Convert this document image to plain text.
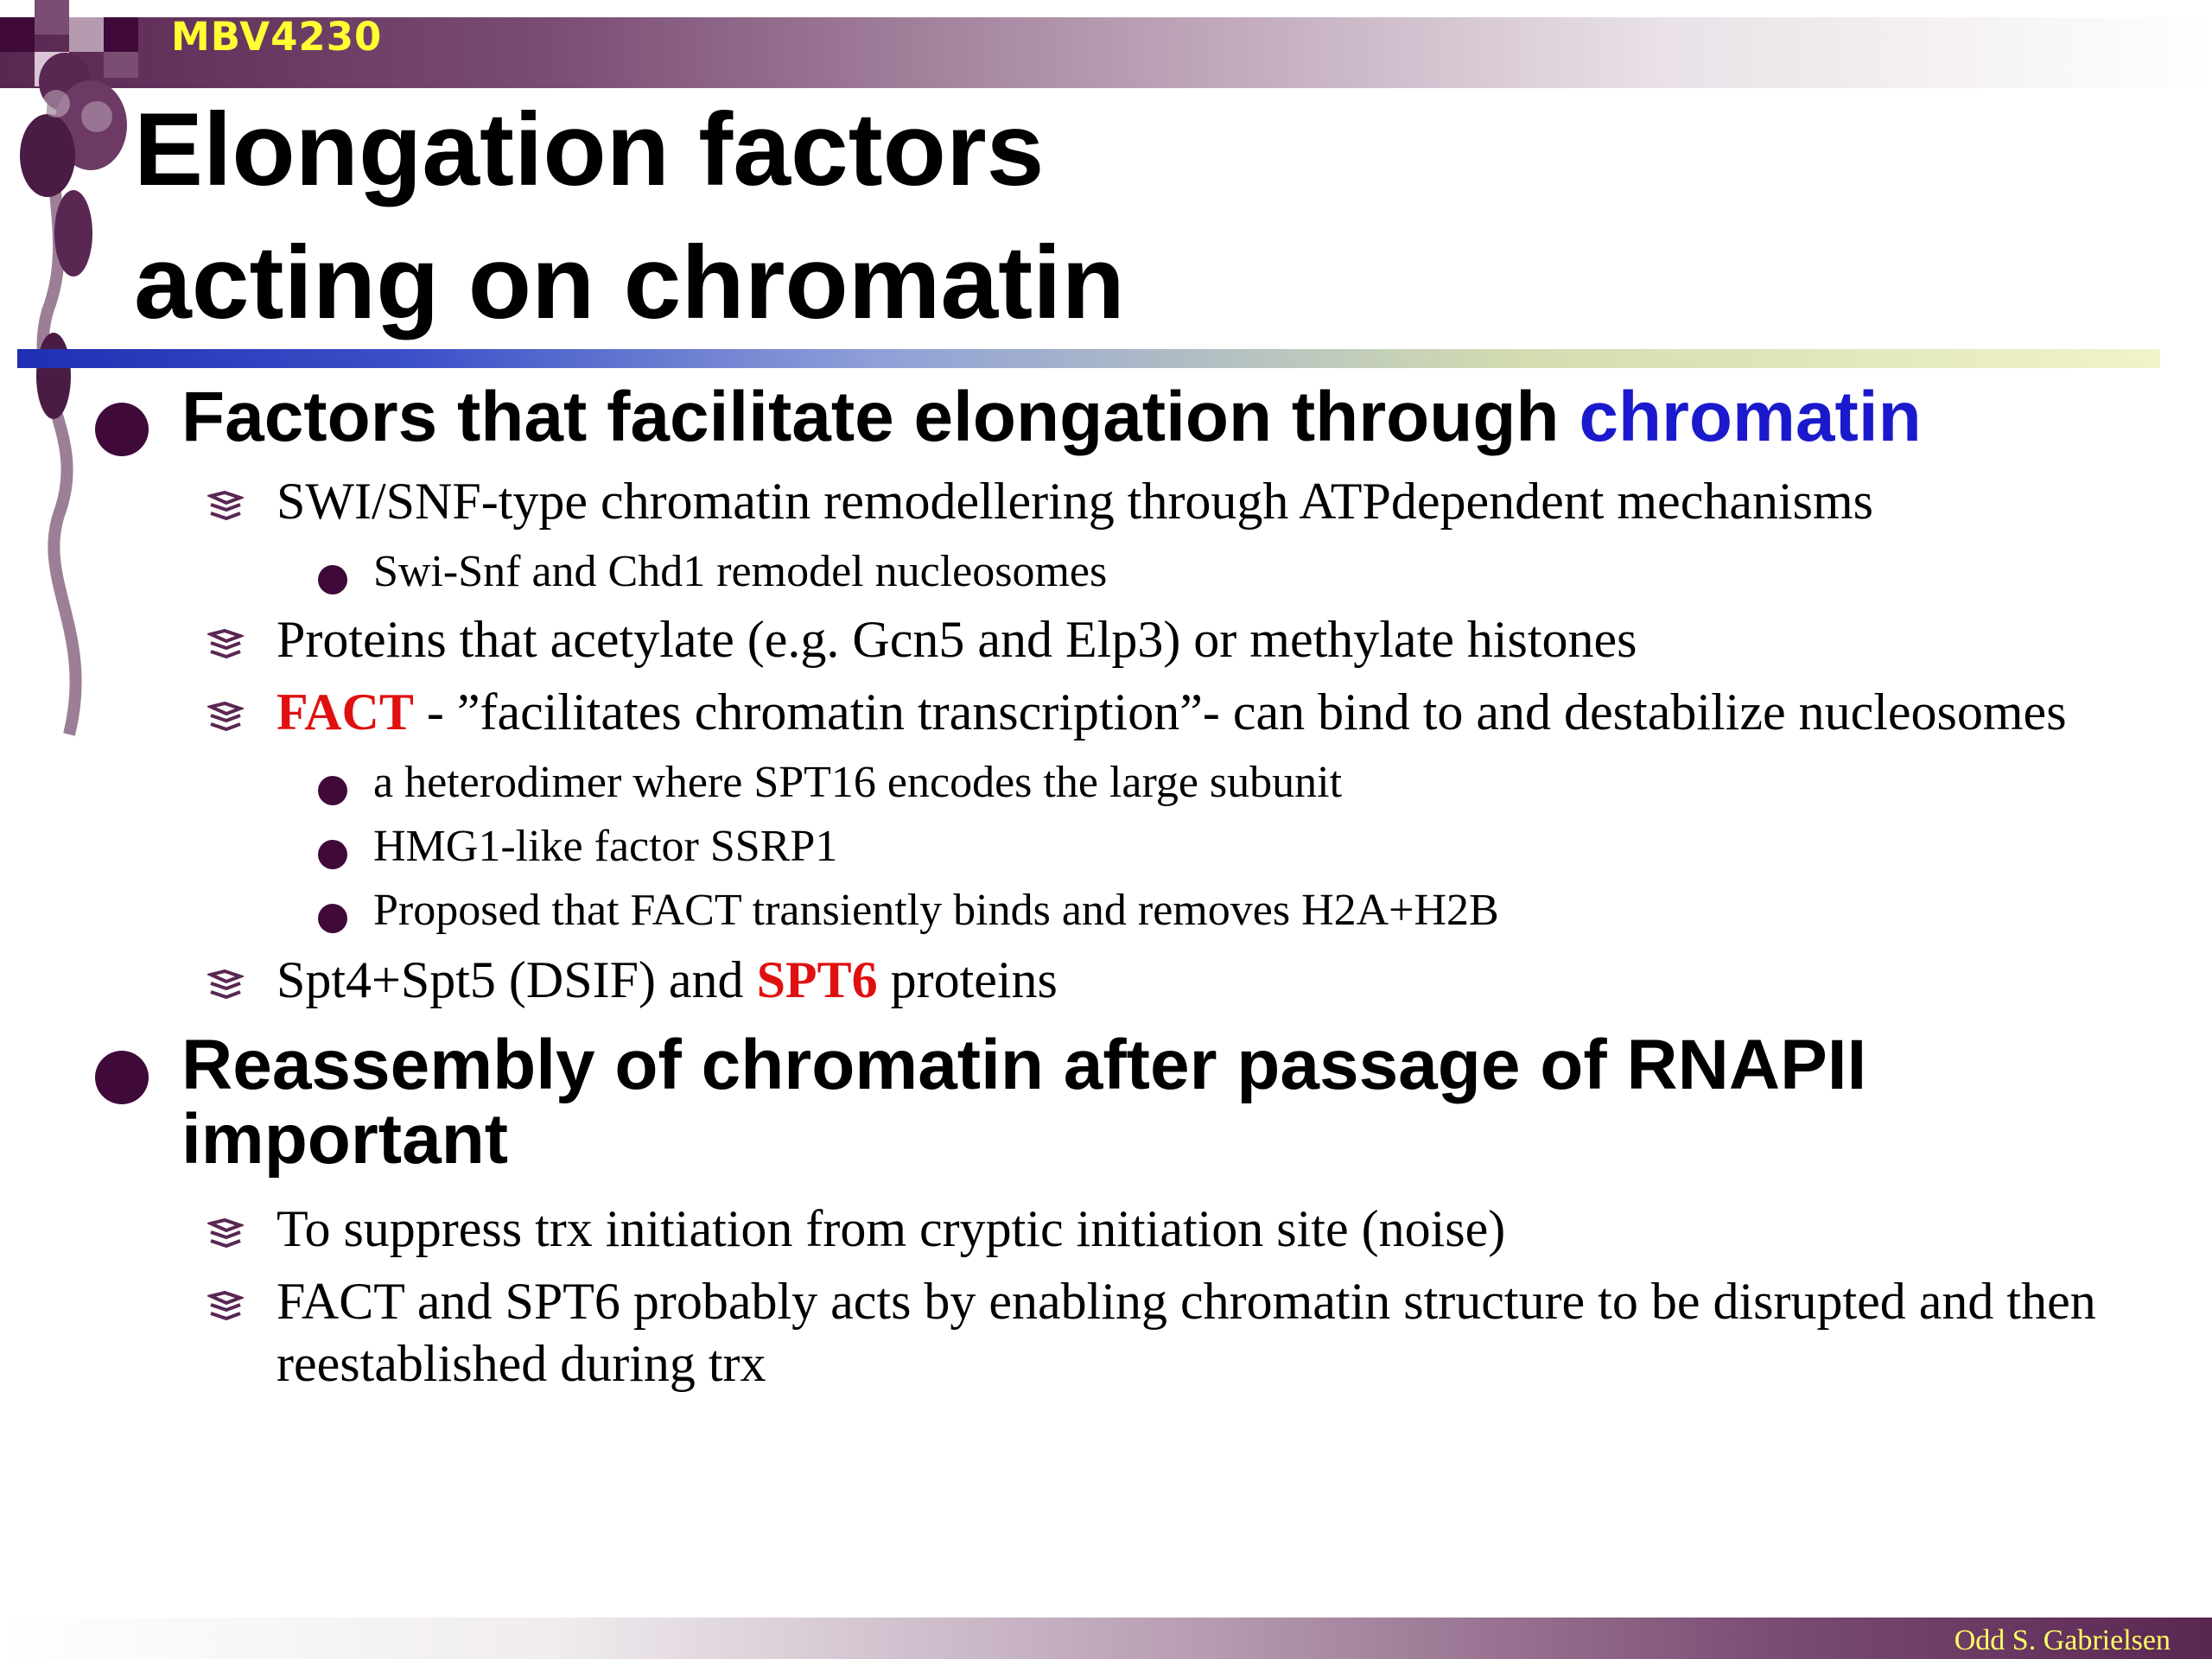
MBV4230
Elongation factors
acting on chromatin
Factors that facilitate elongation through chromatin
SWI/SNF-type chromatin remodellering through ATPdependent mechanisms
Swi-Snf and Chd1 remodel nucleosomes
Proteins that acetylate (e.g. Gcn5 and Elp3) or methylate histones
FACT - ”facilitates chromatin transcription”- can bind to and destabilize nucleosomes
a heterodimer where SPT16 encodes the large subunit
HMG1-like factor SSRP1
Proposed that FACT transiently binds and removes H2A+H2B
Spt4+Spt5 (DSIF) and SPT6 proteins
Reassembly of chromatin after passage of RNAPII
important
To suppress trx initiation from cryptic initiation site (noise)
FACT and SPT6 probably acts by enabling chromatin structure to be disrupted and then reestablished during trx
Odd S. Gabrielsen
